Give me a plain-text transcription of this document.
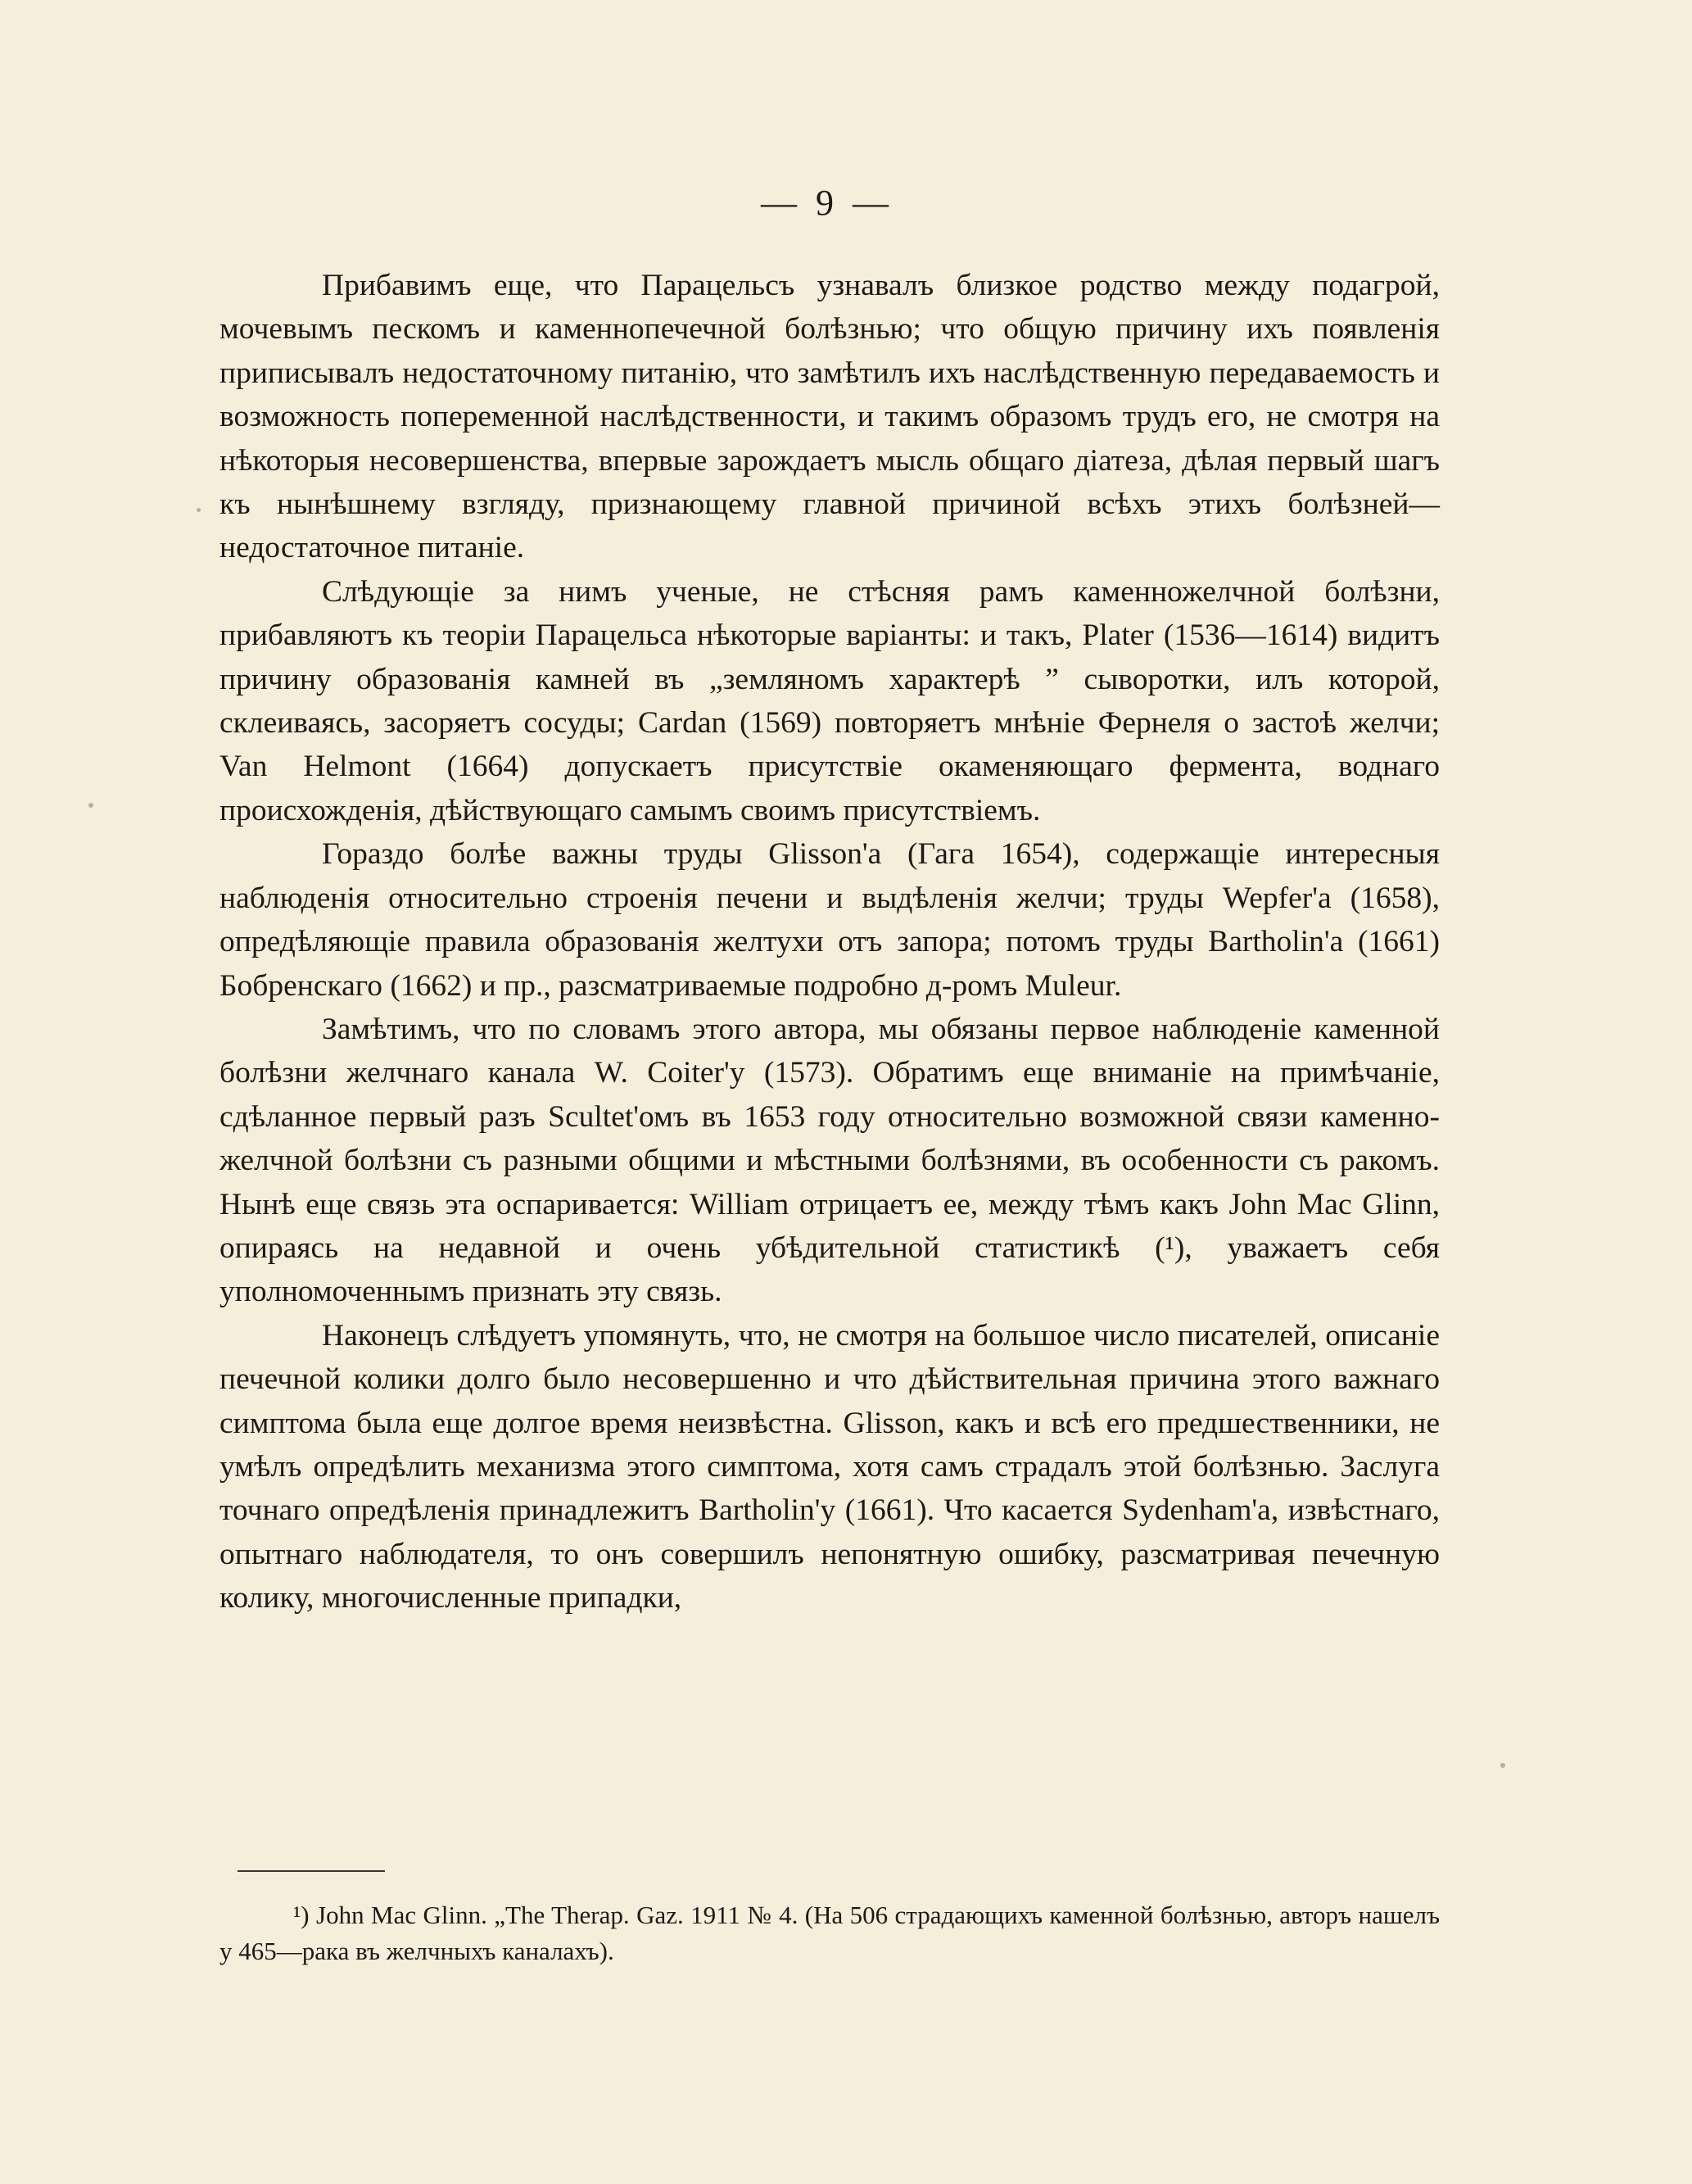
— 9 —

Прибавимъ еще, что Парацельсъ узнавалъ близкое родство между подагрой, мочевымъ пескомъ и каменнопечечной болѣзнью; что общую причину ихъ появленія приписывалъ недостаточному питанію, что замѣтилъ ихъ наслѣдственную передаваемость и возможность попеременной наслѣдственности, и такимъ образомъ трудъ его, не смотря на нѣкоторыя несовершенства, впервые зарождаетъ мысль общаго діатеза, дѣлая первый шагъ къ нынѣшнему взгляду, признающему главной причиной всѣхъ этихъ болѣзней—недостаточное питаніе.

Слѣдующіе за нимъ ученые, не стѣсняя рамъ каменножелчной болѣзни, прибавляютъ къ теоріи Парацельса нѣкоторые варіанты: и такъ, Plater (1536—1614) видитъ причину образованія камней въ „земляномъ характерѣ ” сыворотки, илъ которой, склеиваясь, засоряетъ сосуды; Cardan (1569) повторяетъ мнѣніе Фернеля о застоѣ желчи; Van Helmont (1664) допускаетъ присутствіе окаменяющаго фермента, воднаго происхожденія, дѣйствующаго самымъ своимъ присутствіемъ.

Гораздо болѣе важны труды Glisson'а (Гага 1654), содержащіе интересныя наблюденія относительно строенія печени и выдѣленія желчи; труды Wepfer'а (1658), опредѣляющіе правила образованія желтухи отъ запора; потомъ труды Bartholin'а (1661) Бобренскаго (1662) и пр., разсматриваемые подробно д-ромъ Muleur.

Замѣтимъ, что по словамъ этого автора, мы обязаны первое наблюденіе каменной болѣзни желчнаго канала W. Coiter'у (1573). Обратимъ еще вниманіе на примѣчаніе, сдѣланное первый разъ Scultet'омъ въ 1653 году относительно возможной связи каменно-желчной болѣзни съ разными общими и мѣстными болѣзнями, въ особенности съ ракомъ. Нынѣ еще связь эта оспаривается: William отрицаетъ ее, между тѣмъ какъ John Mac Glinn, опираясь на недавной и очень убѣдительной статистикѣ (¹), уважаетъ себя уполномоченнымъ признать эту связь.

Наконецъ слѣдуетъ упомянуть, что, не смотря на большое число писателей, описаніе печечной колики долго было несовершенно и что дѣйствительная причина этого важнаго симптома была еще долгое время неизвѣстна. Glisson, какъ и всѣ его предшественники, не умѣлъ опредѣлить механизма этого симптома, хотя самъ страдалъ этой болѣзнью. Заслуга точнаго опредѣленія принадлежитъ Bartholin'у (1661). Что касается Sydenham'а, извѣстнаго, опытнаго наблюдателя, то онъ совершилъ непонятную ошибку, разсматривая печечную колику, многочисленные припадки,

¹) John Mac Glinn. „The Therap. Gaz. 1911 № 4. (На 506 страдающихъ каменной болѣзнью, авторъ нашелъ у 465—рака въ желчныхъ каналахъ).
